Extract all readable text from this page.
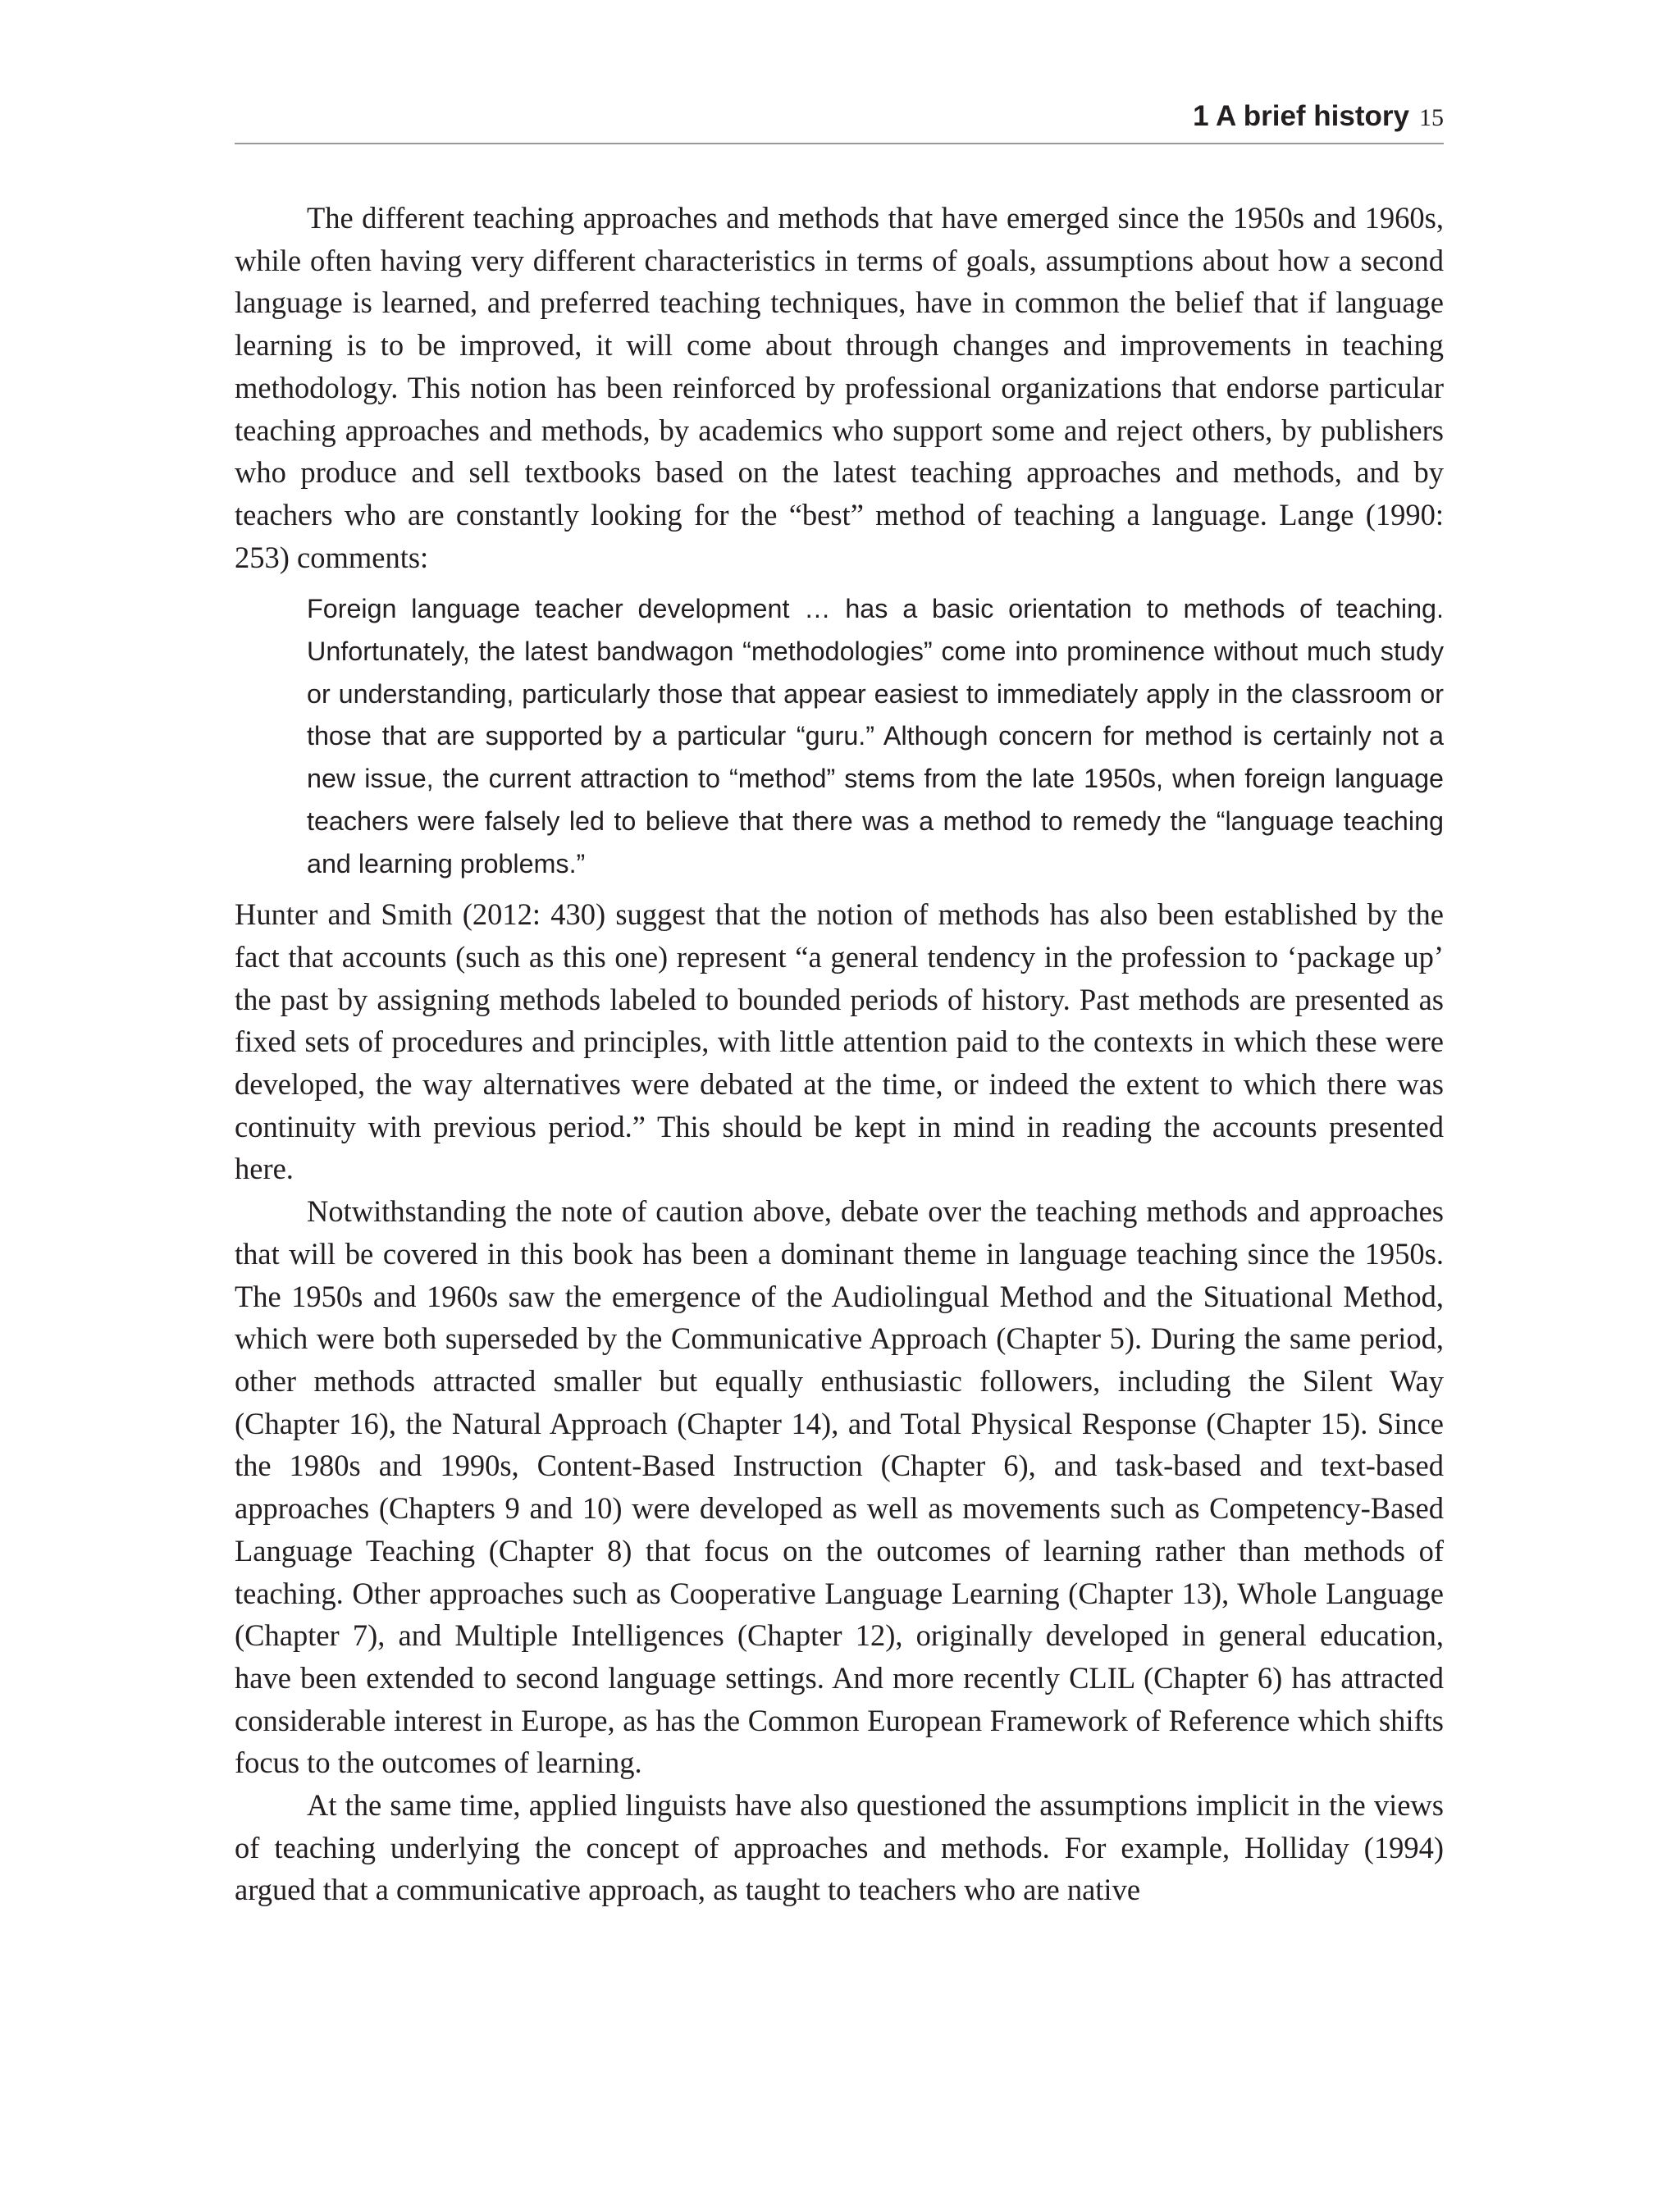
1 A brief history 15

The different teaching approaches and methods that have emerged since the 1950s and 1960s, while often having very different characteristics in terms of goals, assumptions about how a second language is learned, and preferred teaching techniques, have in common the belief that if language learning is to be improved, it will come about through changes and improvements in teaching methodology. This notion has been reinforced by professional organizations that endorse particular teaching approaches and methods, by academics who support some and reject others, by publishers who produce and sell textbooks based on the latest teaching approaches and methods, and by teachers who are constantly looking for the “best” method of teaching a language. Lange (1990: 253) comments:

Foreign language teacher development … has a basic orientation to methods of teaching. Unfortunately, the latest bandwagon “methodologies” come into prominence without much study or understanding, particularly those that appear easiest to immediately apply in the classroom or those that are supported by a particular “guru.” Although concern for method is certainly not a new issue, the current attraction to “method” stems from the late 1950s, when foreign language teachers were falsely led to believe that there was a method to remedy the “language teaching and learning problems.”

Hunter and Smith (2012: 430) suggest that the notion of methods has also been established by the fact that accounts (such as this one) represent “a general tendency in the profession to ‘package up’ the past by assigning methods labeled to bounded periods of history. Past methods are presented as fixed sets of procedures and principles, with little attention paid to the contexts in which these were developed, the way alternatives were debated at the time, or indeed the extent to which there was continuity with previous period.” This should be kept in mind in reading the accounts presented here.

Notwithstanding the note of caution above, debate over the teaching methods and approaches that will be covered in this book has been a dominant theme in language teaching since the 1950s. The 1950s and 1960s saw the emergence of the Audiolingual Method and the Situational Method, which were both superseded by the Communicative Approach (Chapter 5). During the same period, other methods attracted smaller but equally enthusiastic followers, including the Silent Way (Chapter 16), the Natural Approach (Chapter 14), and Total Physical Response (Chapter 15). Since the 1980s and 1990s, Content-Based Instruction (Chapter 6), and task-based and text-based approaches (Chapters 9 and 10) were developed as well as movements such as Competency-Based Language Teaching (Chapter 8) that focus on the outcomes of learning rather than methods of teaching. Other approaches such as Cooperative Language Learning (Chapter 13), Whole Language (Chapter 7), and Multiple Intelligences (Chapter 12), originally developed in general education, have been extended to second language settings. And more recently CLIL (Chapter 6) has attracted considerable interest in Europe, as has the Common European Framework of Reference which shifts focus to the outcomes of learning.

At the same time, applied linguists have also questioned the assumptions implicit in the views of teaching underlying the concept of approaches and methods. For example, Holliday (1994) argued that a communicative approach, as taught to teachers who are native
